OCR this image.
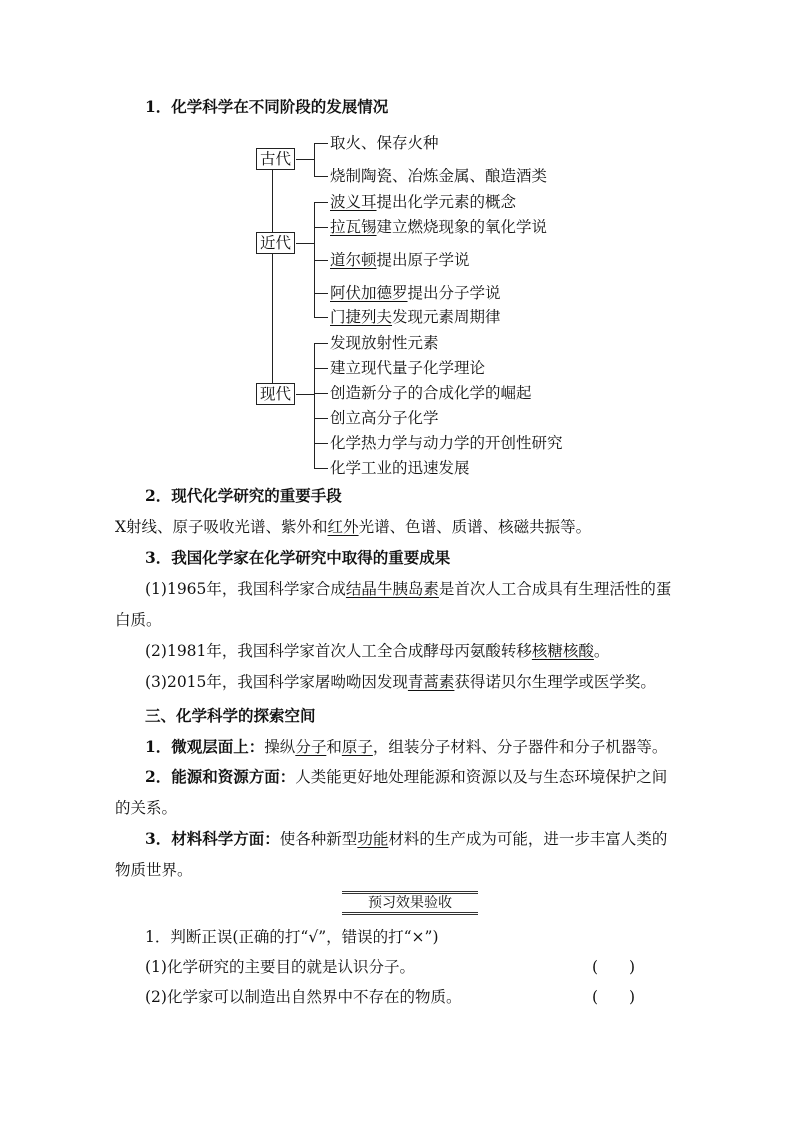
1．化学科学在不同阶段的发展情况
古代
取火、保存火种
烧制陶瓷、冶炼金属、酿造酒类
近代
波义耳提出化学元素的概念
拉瓦锡建立燃烧现象的氧化学说
道尔顿提出原子学说
阿伏加德罗提出分子学说
门捷列夫发现元素周期律
现代
发现放射性元素
建立现代量子化学理论
创造新分子的合成化学的崛起
创立高分子化学
化学热力学与动力学的开创性研究
化学工业的迅速发展
2．现代化学研究的重要手段
X射线、原子吸收光谱、紫外和红外光谱、色谱、质谱、核磁共振等。
3．我国化学家在化学研究中取得的重要成果
(1)1965年，我国科学家合成结晶牛胰岛素是首次人工合成具有生理活性的蛋
白质。
(2)1981年，我国科学家首次人工全合成酵母丙氨酸转移核糖核酸。
(3)2015年，我国科学家屠呦呦因发现青蒿素获得诺贝尔生理学或医学奖。
三、化学科学的探索空间
1．微观层面上：操纵分子和原子，组装分子材料、分子器件和分子机器等。
2．能源和资源方面：人类能更好地处理能源和资源以及与生态环境保护之间
的关系。
3．材料科学方面：使各种新型功能材料的生产成为可能，进一步丰富人类的
物质世界。
预习效果验收
1．判断正误(正确的打“√”，错误的打“×”)
(1)化学研究的主要目的就是认识分子。	(　　)
(2)化学家可以制造出自然界中不存在的物质。	(　　)
